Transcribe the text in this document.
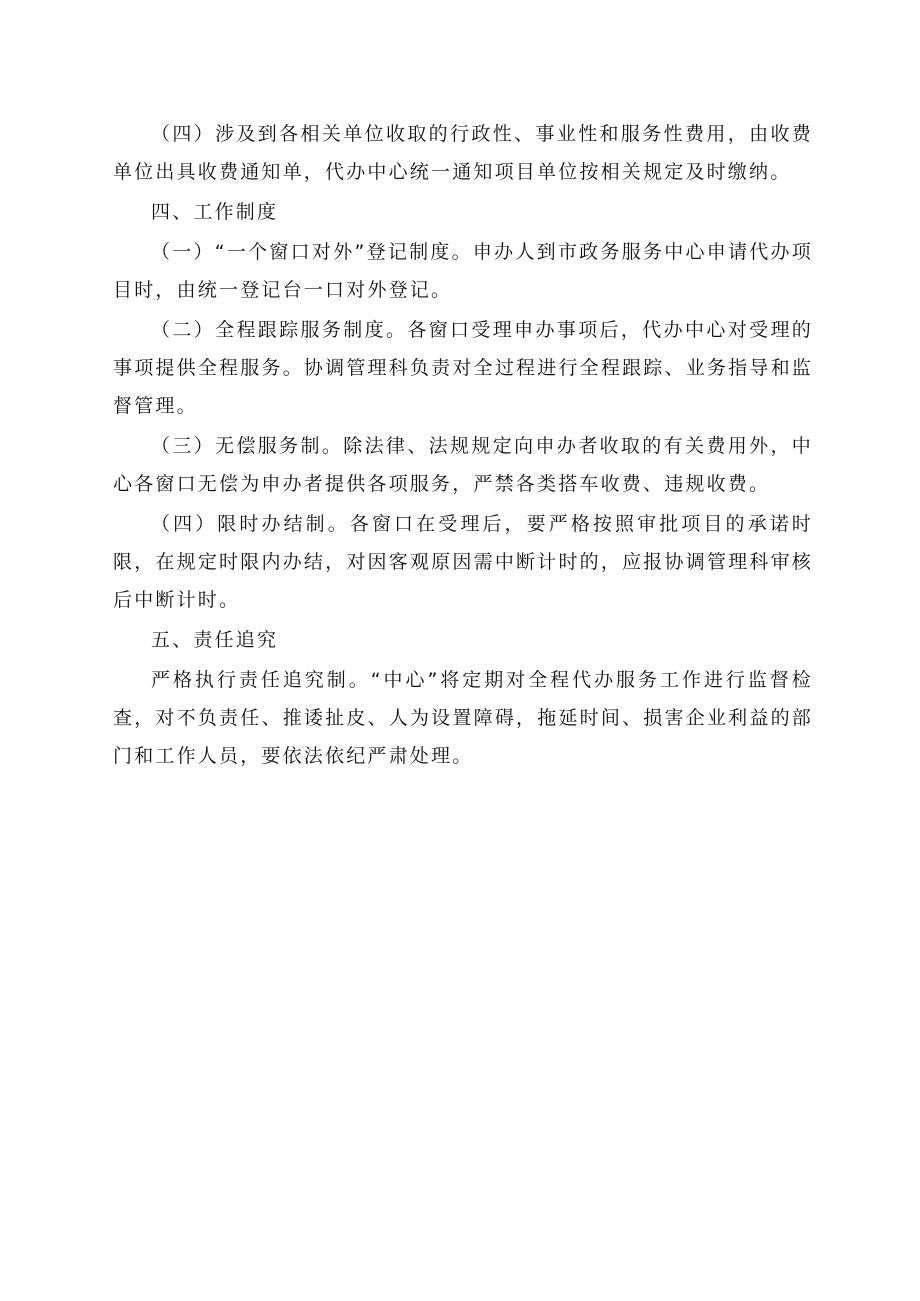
（四）涉及到各相关单位收取的行政性、事业性和服务性费用，由收费单位出具收费通知单，代办中心统一通知项目单位按相关规定及时缴纳。

四、工作制度

（一）“一个窗口对外”登记制度。申办人到市政务服务中心申请代办项目时，由统一登记台一口对外登记。

（二）全程跟踪服务制度。各窗口受理申办事项后，代办中心对受理的事项提供全程服务。协调管理科负责对全过程进行全程跟踪、业务指导和监督管理。

（三）无偿服务制。除法律、法规规定向申办者收取的有关费用外，中心各窗口无偿为申办者提供各项服务，严禁各类搭车收费、违规收费。

（四）限时办结制。各窗口在受理后，要严格按照审批项目的承诺时限，在规定时限内办结，对因客观原因需中断计时的，应报协调管理科审核后中断计时。

五、责任追究

严格执行责任追究制。“中心”将定期对全程代办服务工作进行监督检查，对不负责任、推诿扯皮、人为设置障碍，拖延时间、损害企业利益的部门和工作人员，要依法依纪严肃处理。
